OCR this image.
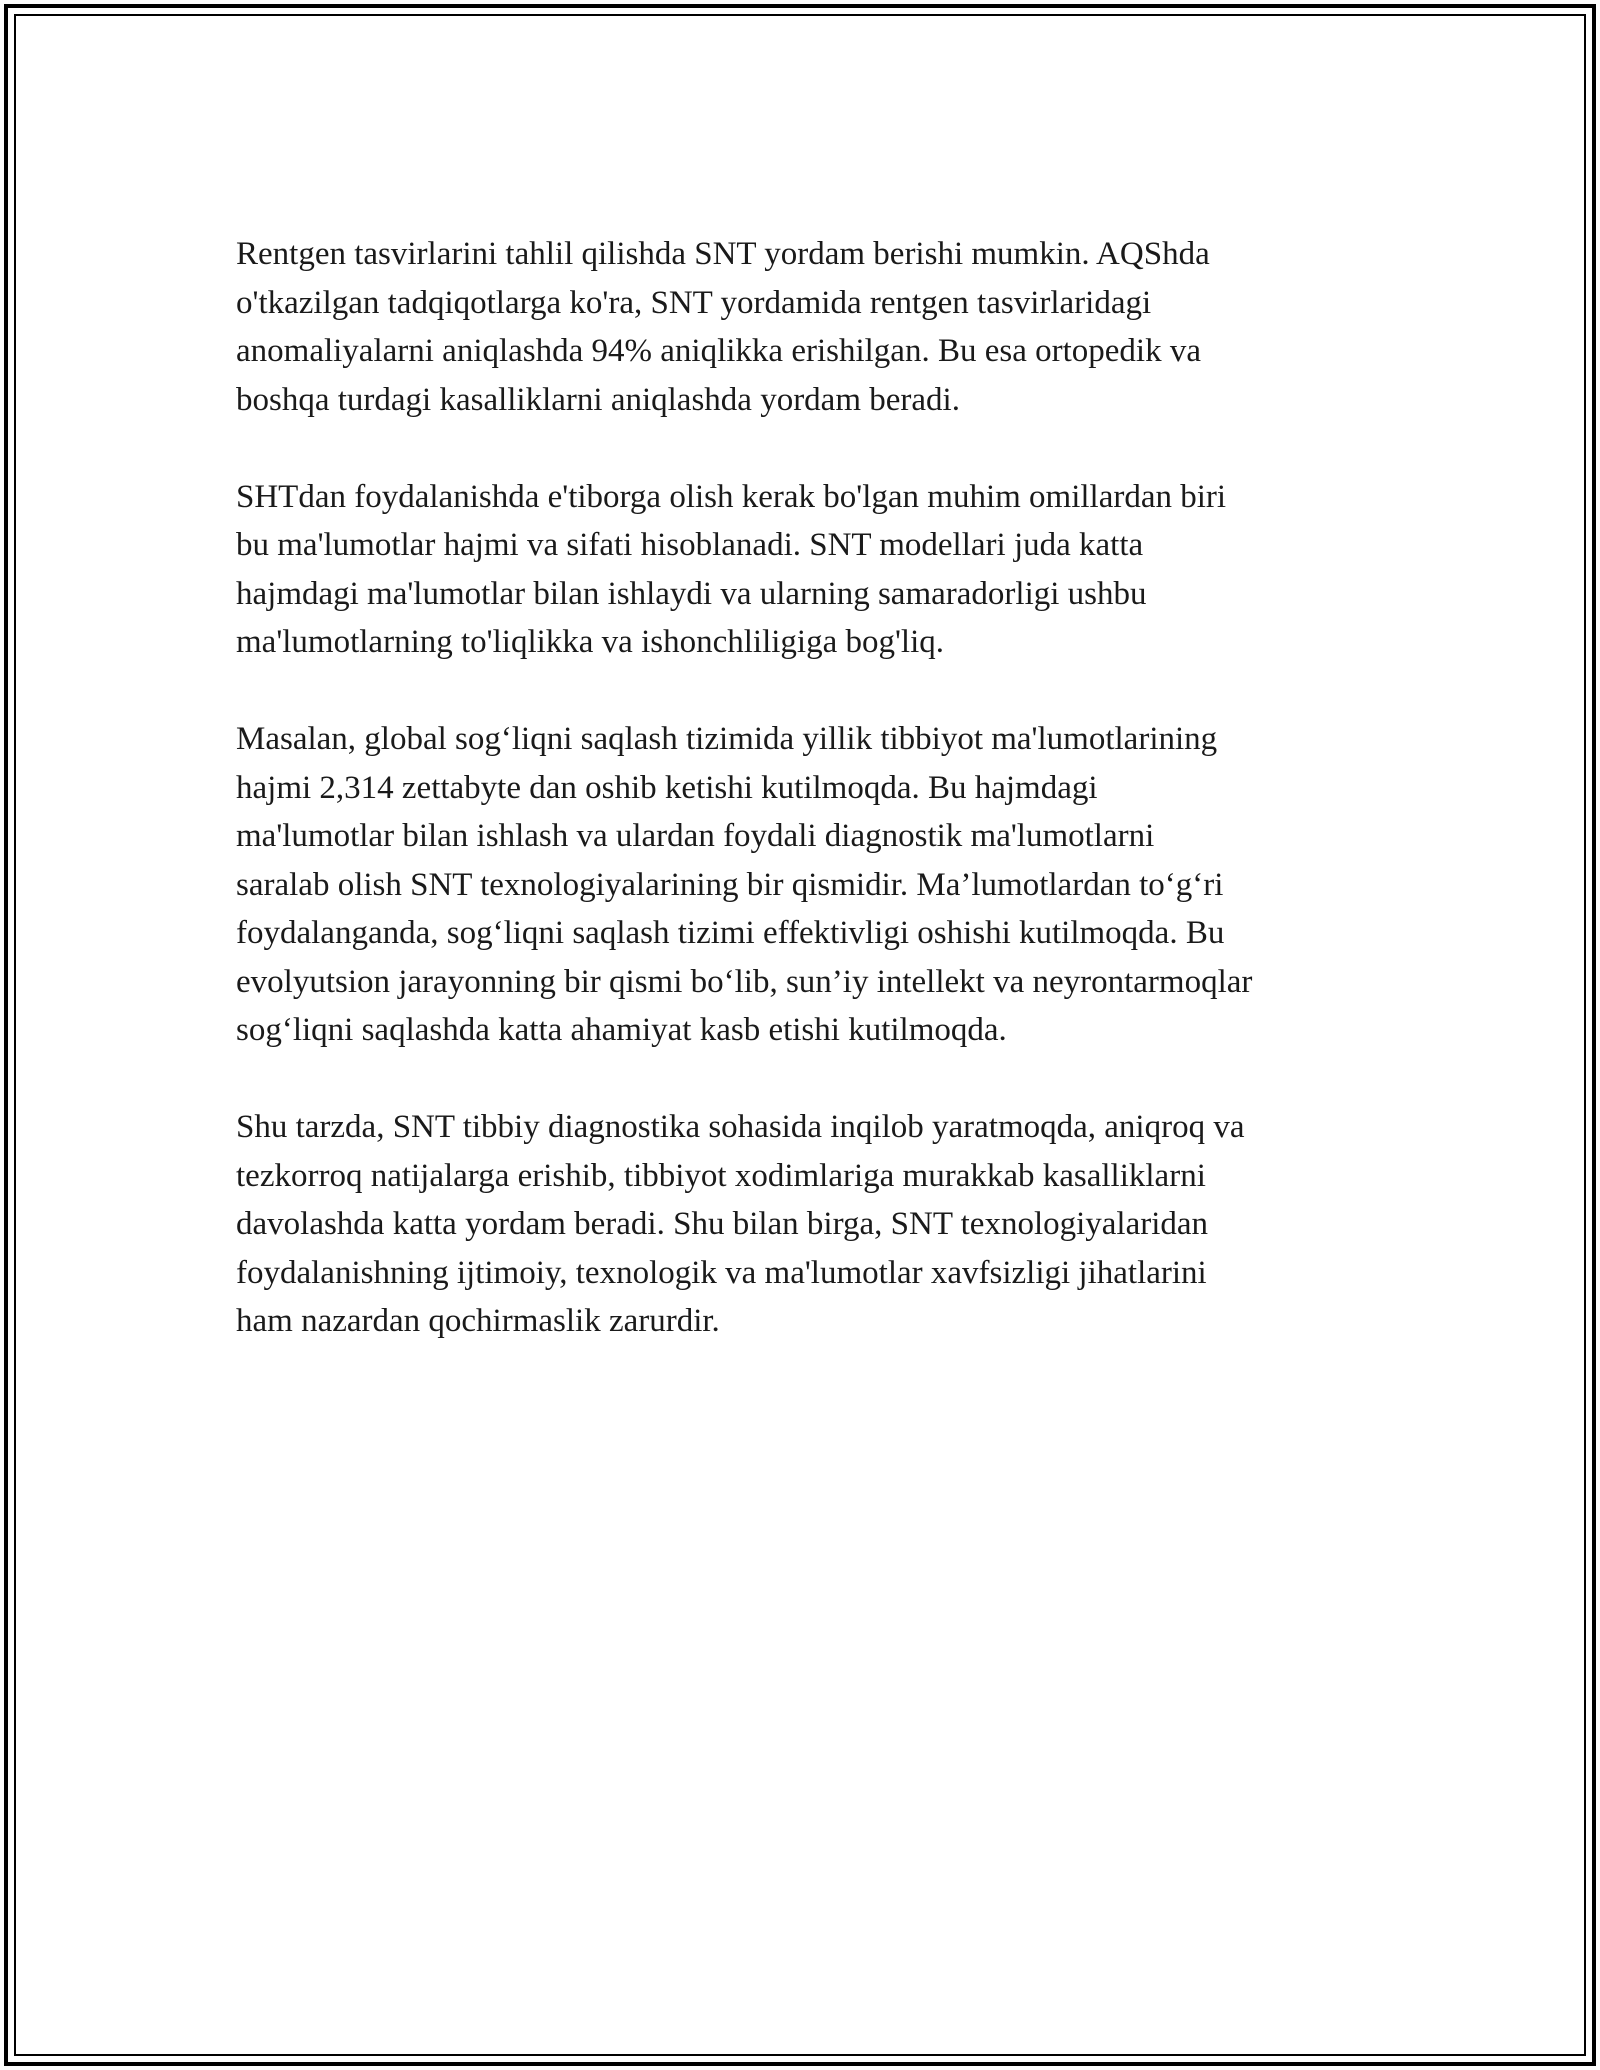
Rentgen tasvirlarini tahlil qilishda SNT yordam berishi mumkin. AQShda
o'tkazilgan tadqiqotlarga ko'ra, SNT yordamida rentgen tasvirlaridagi
anomaliyalarni aniqlashda 94% aniqlikka erishilgan. Bu esa ortopedik va
boshqa turdagi kasalliklarni aniqlashda yordam beradi.

SHTdan foydalanishda e'tiborga olish kerak bo'lgan muhim omillardan biri
bu ma'lumotlar hajmi va sifati hisoblanadi. SNT modellari juda katta
hajmdagi ma'lumotlar bilan ishlaydi va ularning samaradorligi ushbu
ma'lumotlarning to'liqlikka va ishonchliligiga bog'liq.

Masalan, global sog‘liqni saqlash tizimida yillik tibbiyot ma'lumotlarining
hajmi 2,314 zettabyte dan oshib ketishi kutilmoqda. Bu hajmdagi
ma'lumotlar bilan ishlash va ulardan foydali diagnostik ma'lumotlarni
saralab olish SNT texnologiyalarining bir qismidir. Ma’lumotlardan to‘g‘ri
foydalanganda, sog‘liqni saqlash tizimi effektivligi oshishi kutilmoqda. Bu
evolyutsion jarayonning bir qismi bo‘lib, sun’iy intellekt va neyrontarmoqlar
sog‘liqni saqlashda katta ahamiyat kasb etishi kutilmoqda.

Shu tarzda, SNT tibbiy diagnostika sohasida inqilob yaratmoqda, aniqroq va
tezkorroq natijalarga erishib, tibbiyot xodimlariga murakkab kasalliklarni
davolashda katta yordam beradi. Shu bilan birga, SNT texnologiyalaridan
foydalanishning ijtimoiy, texnologik va ma'lumotlar xavfsizligi jihatlarini
ham nazardan qochirmaslik zarurdir.
